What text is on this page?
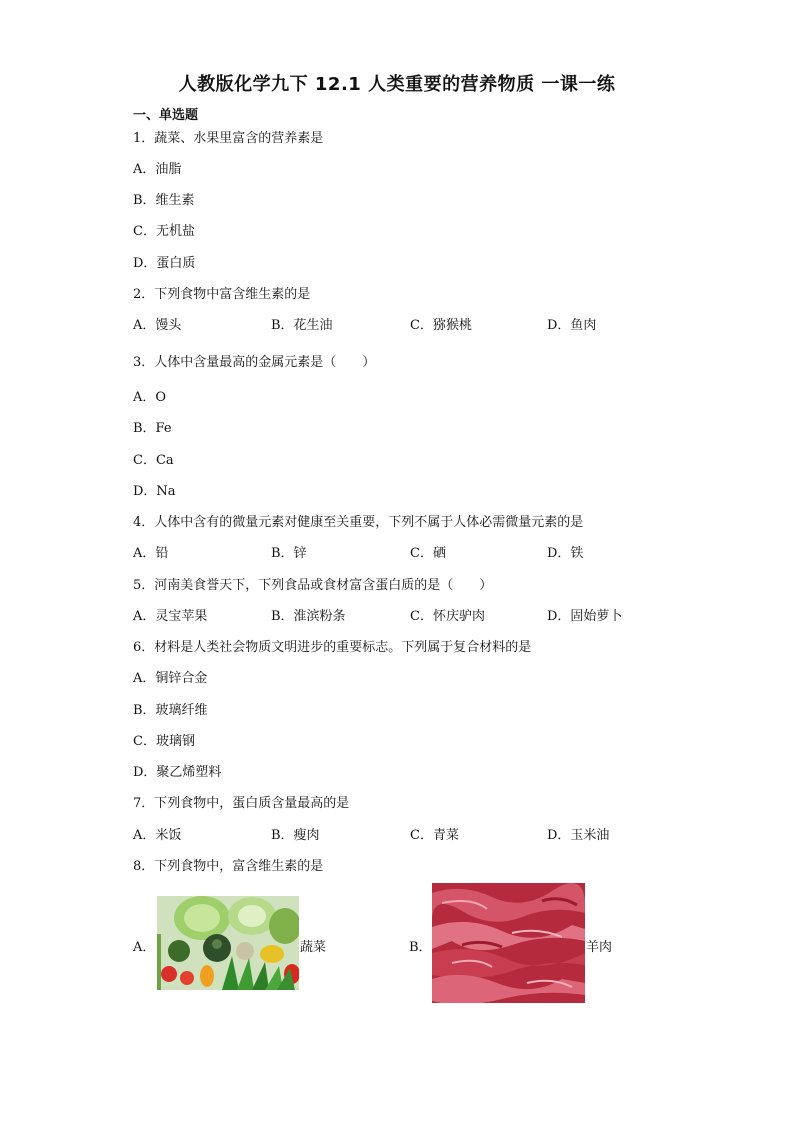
人教版化学九下 12.1 人类重要的营养物质 一课一练
一、单选题
1．蔬菜、水果里富含的营养素是
A．油脂
B．维生素
C．无机盐
D．蛋白质
2．下列食物中富含维生素的是
A．馒头	B．花生油	C．猕猴桃	D．鱼肉
3．人体中含量最高的金属元素是（　　）
A．O
B．Fe
C．Ca
D．Na
4．人体中含有的微量元素对健康至关重要，下列不属于人体必需微量元素的是
A．铅	B．锌	C．硒	D．铁
5．河南美食誉天下，下列食品或食材富含蛋白质的是（　　）
A．灵宝苹果	B．淮滨粉条	C．怀庆驴肉	D．固始萝卜
6．材料是人类社会物质文明进步的重要标志。下列属于复合材料的是
A．铜锌合金
B．玻璃纤维
C．玻璃钢
D．聚乙烯塑料
7．下列食物中，蛋白质含量最高的是
A．米饭	B．瘦肉	C．青菜	D．玉米油
8．下列食物中，富含维生素的是
A．	蔬菜	B．	羊肉
